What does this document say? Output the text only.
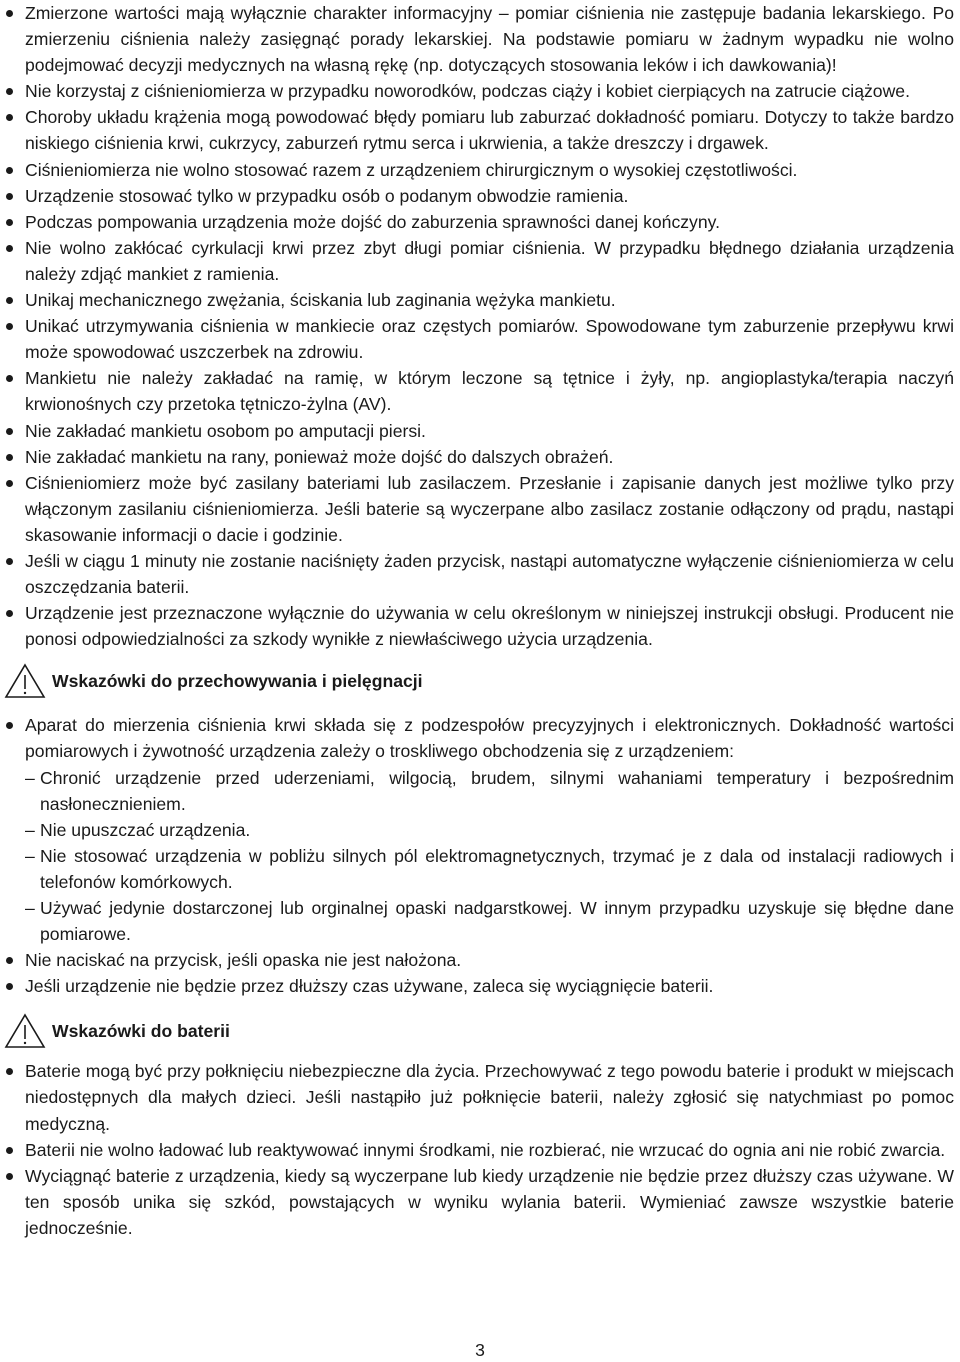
Zmierzone wartości mają wyłącznie charakter informacyjny – pomiar ciśnienia nie zastępuje badania lekarskiego. Po zmierzeniu ciśnienia należy zasięgnąć porady lekarskiej. Na podstawie pomiaru w żadnym wypadku nie wolno podejmować decyzji medycznych na własną rękę (np. dotyczących stosowania leków i ich dawkowania)!
Nie korzystaj z ciśnieniomierza w przypadku noworodków, podczas ciąży i kobiet cierpiących na zatrucie ciążowe.
Choroby układu krążenia mogą powodować błędy pomiaru lub zaburzać dokładność pomiaru. Dotyczy to także bardzo niskiego ciśnienia krwi, cukrzycy, zaburzeń rytmu serca i ukrwienia, a także dreszczy i drgawek.
Ciśnieniomierza nie wolno stosować razem z urządzeniem chirurgicznym o wysokiej częstotliwości.
Urządzenie stosować tylko w przypadku osób o podanym obwodzie ramienia.
Podczas pompowania urządzenia może dojść do zaburzenia sprawności danej kończyny.
Nie wolno zakłócać cyrkulacji krwi przez zbyt długi pomiar ciśnienia. W przypadku błędnego działania urządzenia należy zdjąć mankiet z ramienia.
Unikaj mechanicznego zwężania, ściskania lub zaginania wężyka mankietu.
Unikać utrzymywania ciśnienia w mankiecie oraz częstych pomiarów. Spowodowane tym zaburzenie przepływu krwi może spowodować uszczerbek na zdrowiu.
Mankietu nie należy zakładać na ramię, w którym leczone są tętnice i żyły, np. angioplastyka/terapia naczyń krwionośnych czy przetoka tętniczo-żylna (AV).
Nie zakładać mankietu osobom po amputacji piersi.
Nie zakładać mankietu na rany, ponieważ może dojść do dalszych obrażeń.
Ciśnieniomierz może być zasilany bateriami lub zasilaczem. Przesłanie i zapisanie danych jest możliwe tylko przy włączonym zasilaniu ciśnieniomierza. Jeśli baterie są wyczerpane albo zasilacz zostanie odłączony od prądu, nastąpi skasowanie informacji o dacie i godzinie.
Jeśli w ciągu 1 minuty nie zostanie naciśnięty żaden przycisk, nastąpi automatyczne wyłączenie ciśnieniomierza w celu oszczędzania baterii.
Urządzenie jest przeznaczone wyłącznie do używania w celu określonym w niniejszej instrukcji obsługi. Producent nie ponosi odpowiedzialności za szkody wynikłe z niewłaściwego użycia urządzenia.
Wskazówki do przechowywania i pielęgnacji
Aparat do mierzenia ciśnienia krwi składa się z podzespołów precyzyjnych i elektronicznych. Dokładność wartości pomiarowych i żywotność urządzenia zależy o troskliwego obchodzenia się z urządzeniem:
– Chronić urządzenie przed uderzeniami, wilgocią, brudem, silnymi wahaniami temperatury i bezpośrednim nasłonecznieniem.
– Nie upuszczać urządzenia.
– Nie stosować urządzenia w pobliżu silnych pól elektromagnetycznych, trzymać je z dala od instalacji radiowych i telefonów komórkowych.
– Używać jedynie dostarczonej lub orginalnej opaski nadgarstkowej. W innym przypadku uzyskuje się błędne dane pomiarowe.
Nie naciskać na przycisk, jeśli opaska nie jest nałożona.
Jeśli urządzenie nie będzie przez dłuższy czas używane, zaleca się wyciągnięcie baterii.
Wskazówki do baterii
Baterie mogą być przy połknięciu niebezpieczne dla życia. Przechowywać z tego powodu baterie i produkt w miejscach niedostępnych dla małych dzieci. Jeśli nastąpiło już połknięcie baterii, należy zgłosić się natychmiast po pomoc medyczną.
Baterii nie wolno ładować lub reaktywować innymi środkami, nie rozbierać, nie wrzucać do ognia ani nie robić zwarcia.
Wyciągnąć baterie z urządzenia, kiedy są wyczerpane lub kiedy urządzenie nie będzie przez dłuższy czas używane. W ten sposób unika się szkód, powstających w wyniku wylania baterii. Wymieniać zawsze wszystkie baterie jednocześnie.
3
